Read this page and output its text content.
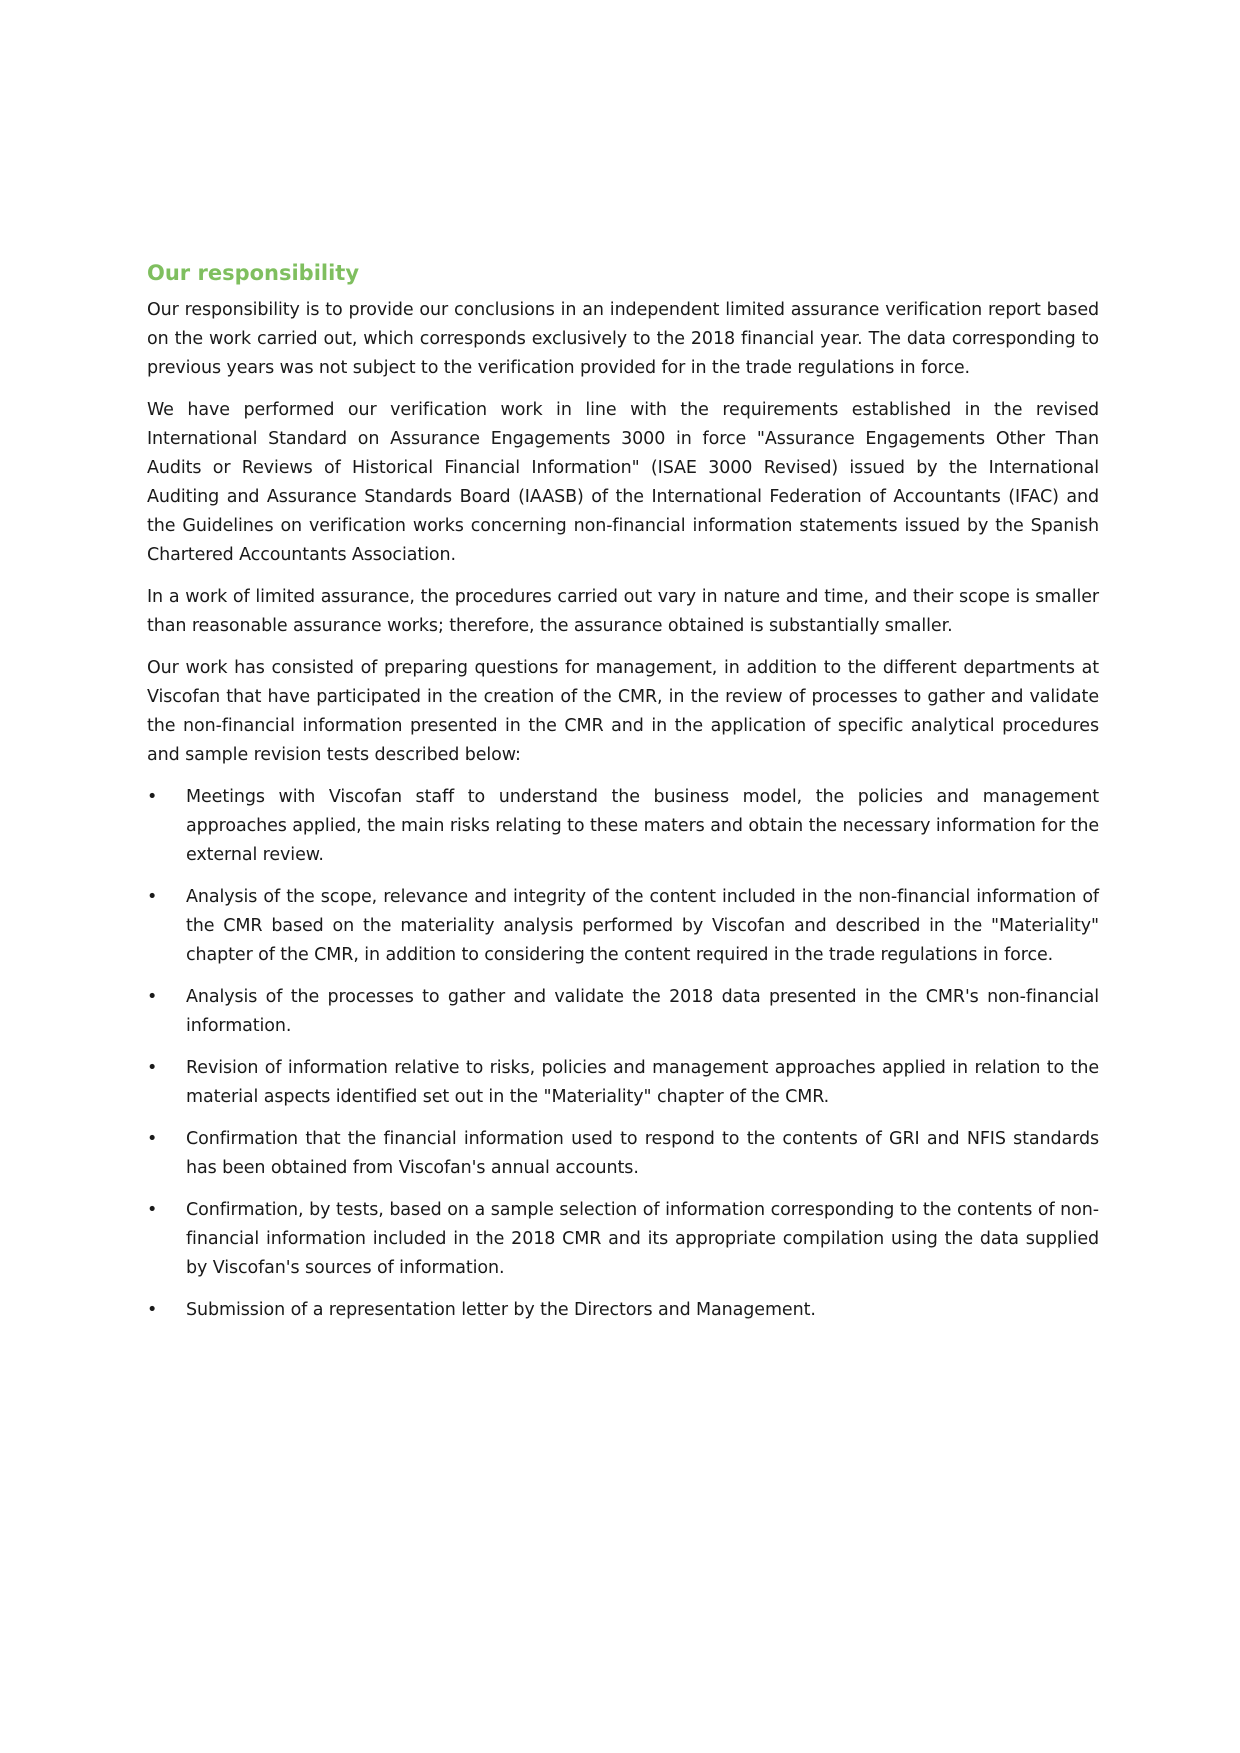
Our responsibility

Our responsibility is to provide our conclusions in an independent limited assurance verification report based on the work carried out, which corresponds exclusively to the 2018 financial year. The data corresponding to previous years was not subject to the verification provided for in the trade regulations in force.

We have performed our verification work in line with the requirements established in the revised International Standard on Assurance Engagements 3000 in force "Assurance Engagements Other Than Audits or Reviews of Historical Financial Information" (ISAE 3000 Revised) issued by the International Auditing and Assurance Standards Board (IAASB) of the International Federation of Accountants (IFAC) and the Guidelines on verification works concerning non-financial information statements issued by the Spanish Chartered Accountants Association.

In a work of limited assurance, the procedures carried out vary in nature and time, and their scope is smaller than reasonable assurance works; therefore, the assurance obtained is substantially smaller.

Our work has consisted of preparing questions for management, in addition to the different departments at Viscofan that have participated in the creation of the CMR, in the review of processes to gather and validate the non-financial information presented in the CMR and in the application of specific analytical procedures and sample revision tests described below:

•	Meetings with Viscofan staff to understand the business model, the policies and management approaches applied, the main risks relating to these maters and obtain the necessary information for the external review.
•	Analysis of the scope, relevance and integrity of the content included in the non-financial information of the CMR based on the materiality analysis performed by Viscofan and described in the "Materiality" chapter of the CMR, in addition to considering the content required in the trade regulations in force.
•	Analysis of the processes to gather and validate the 2018 data presented in the CMR's non-financial information.
•	Revision of information relative to risks, policies and management approaches applied in relation to the material aspects identified set out in the "Materiality" chapter of the CMR.
•	Confirmation that the financial information used to respond to the contents of GRI and NFIS standards has been obtained from Viscofan's annual accounts.
•	Confirmation, by tests, based on a sample selection of information corresponding to the contents of non-financial information included in the 2018 CMR and its appropriate compilation using the data supplied by Viscofan's sources of information.
•	Submission of a representation letter by the Directors and Management.
